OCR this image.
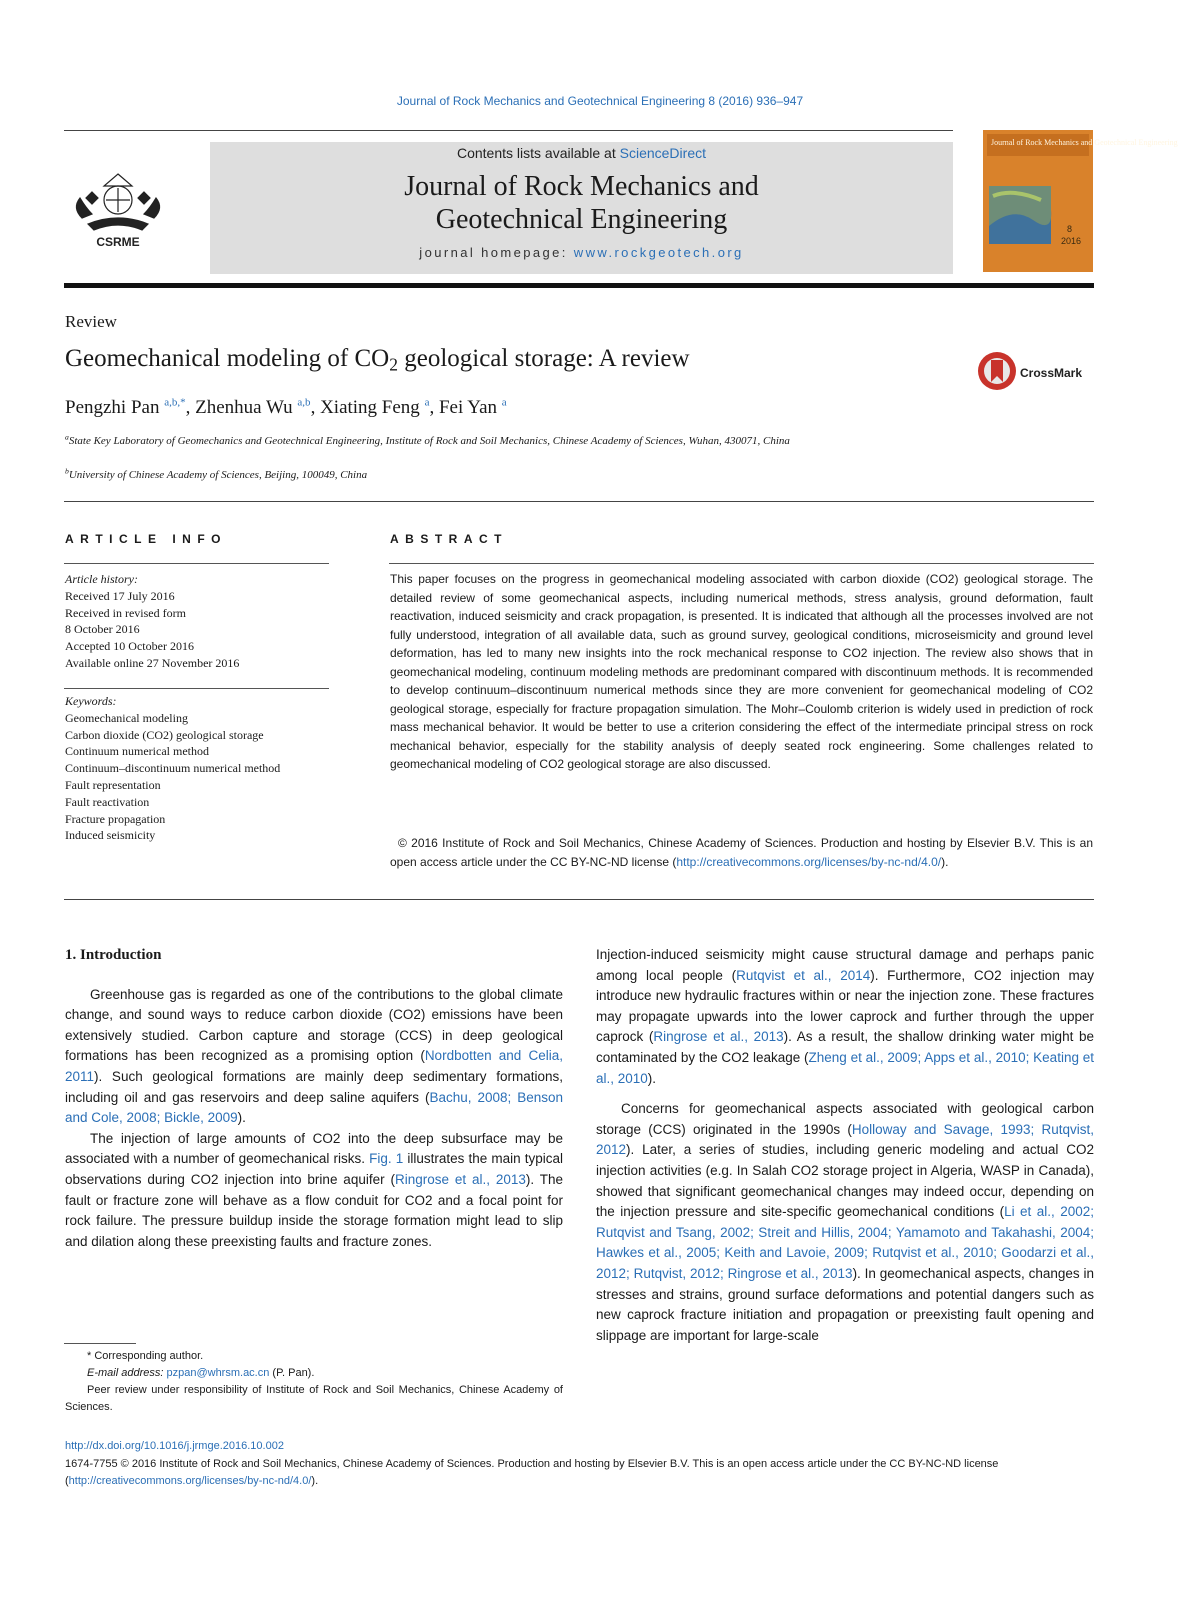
Journal of Rock Mechanics and Geotechnical Engineering 8 (2016) 936–947
CSRME
Contents lists available at ScienceDirect
Journal of Rock Mechanics and
Geotechnical Engineering
journal homepage: www.rockgeotech.org
Journal of Rock Mechanics and Geotechnical Engineering
8
2016
Review
Geomechanical modeling of $CO_2$ geological storage: A review
CrossMark
Pengzhi Pan $^{a,b,*}$, Zhenhua Wu $^{a,b}$, Xiating Feng $^a$, Fei Yan $^a$
$^a$State Key Laboratory of Geomechanics and Geotechnical Engineering, Institute of Rock and Soil Mechanics, Chinese Academy of Sciences, Wuhan, 430071, China
$^b$University of Chinese Academy of Sciences, Beijing, 100049, China
ARTICLE INFO
Article history:
Received 17 July 2016
Received in revised form
8 October 2016
Accepted 10 October 2016
Available online 27 November 2016
Keywords:
Geomechanical modeling
Carbon dioxide (CO2) geological storage
Continuum numerical method
Continuum–discontinuum numerical method
Fault representation
Fault reactivation
Fracture propagation
Induced seismicity
ABSTRACT
This paper focuses on the progress in geomechanical modeling associated with carbon dioxide (CO2) geological storage. The detailed review of some geomechanical aspects, including numerical methods, stress analysis, ground deformation, fault reactivation, induced seismicity and crack propagation, is presented. It is indicated that although all the processes involved are not fully understood, integration of all available data, such as ground survey, geological conditions, microseismicity and ground level deformation, has led to many new insights into the rock mechanical response to CO2 injection. The review also shows that in geomechanical modeling, continuum modeling methods are predominant compared with discontinuum methods. It is recommended to develop continuum–discontinuum numerical methods since they are more convenient for geomechanical modeling of CO2 geological storage, especially for fracture propagation simulation. The Mohr–Coulomb criterion is widely used in prediction of rock mass mechanical behavior. It would be better to use a criterion considering the effect of the intermediate principal stress on rock mechanical behavior, especially for the stability analysis of deeply seated rock engineering. Some challenges related to geomechanical modeling of CO2 geological storage are also discussed.
© 2016 Institute of Rock and Soil Mechanics, Chinese Academy of Sciences. Production and hosting by Elsevier B.V. This is an open access article under the CC BY-NC-ND license (http://creativecommons.org/licenses/by-nc-nd/4.0/).
1. Introduction

Greenhouse gas is regarded as one of the contributions to the global climate change, and sound ways to reduce carbon dioxide (CO2) emissions have been extensively studied. Carbon capture and storage (CCS) in deep geological formations has been recognized as a promising option (Nordbotten and Celia, 2011). Such geological formations are mainly deep sedimentary formations, including oil and gas reservoirs and deep saline aquifers (Bachu, 2008; Benson and Cole, 2008; Bickle, 2009).

The injection of large amounts of CO2 into the deep subsurface may be associated with a number of geomechanical risks. Fig. 1 illustrates the main typical observations during CO2 injection into brine aquifer (Ringrose et al., 2013). The fault or fracture zone will behave as a flow conduit for CO2 and a focal point for rock failure. The pressure buildup inside the storage formation might lead to slip and dilation along these preexisting faults and fracture zones.

Injection-induced seismicity might cause structural damage and perhaps panic among local people (Rutqvist et al., 2014). Furthermore, CO2 injection may introduce new hydraulic fractures within or near the injection zone. These fractures may propagate upwards into the lower caprock and further through the upper caprock (Ringrose et al., 2013). As a result, the shallow drinking water might be contaminated by the CO2 leakage (Zheng et al., 2009; Apps et al., 2010; Keating et al., 2010).

Concerns for geomechanical aspects associated with geological carbon storage (CCS) originated in the 1990s (Holloway and Savage, 1993; Rutqvist, 2012). Later, a series of studies, including generic modeling and actual CO2 injection activities (e.g. In Salah CO2 storage project in Algeria, WASP in Canada), showed that significant geomechanical changes may indeed occur, depending on the injection pressure and site-specific geomechanical conditions (Li et al., 2002; Rutqvist and Tsang, 2002; Streit and Hillis, 2004; Yamamoto and Takahashi, 2004; Hawkes et al., 2005; Keith and Lavoie, 2009; Rutqvist et al., 2010; Goodarzi et al., 2012; Rutqvist, 2012; Ringrose et al., 2013). In geomechanical aspects, changes in stresses and strains, ground surface deformations and potential dangers such as new caprock fracture initiation and propagation or preexisting fault opening and slippage are important for large-scale

* Corresponding author.
E-mail address: pzpan@whrsm.ac.cn (P. Pan).
Peer review under responsibility of Institute of Rock and Soil Mechanics, Chinese Academy of Sciences.
http://dx.doi.org/10.1016/j.jrmge.2016.10.002
1674-7755 © 2016 Institute of Rock and Soil Mechanics, Chinese Academy of Sciences. Production and hosting by Elsevier B.V. This is an open access article under the CC BY-NC-ND license (http://creativecommons.org/licenses/by-nc-nd/4.0/).
